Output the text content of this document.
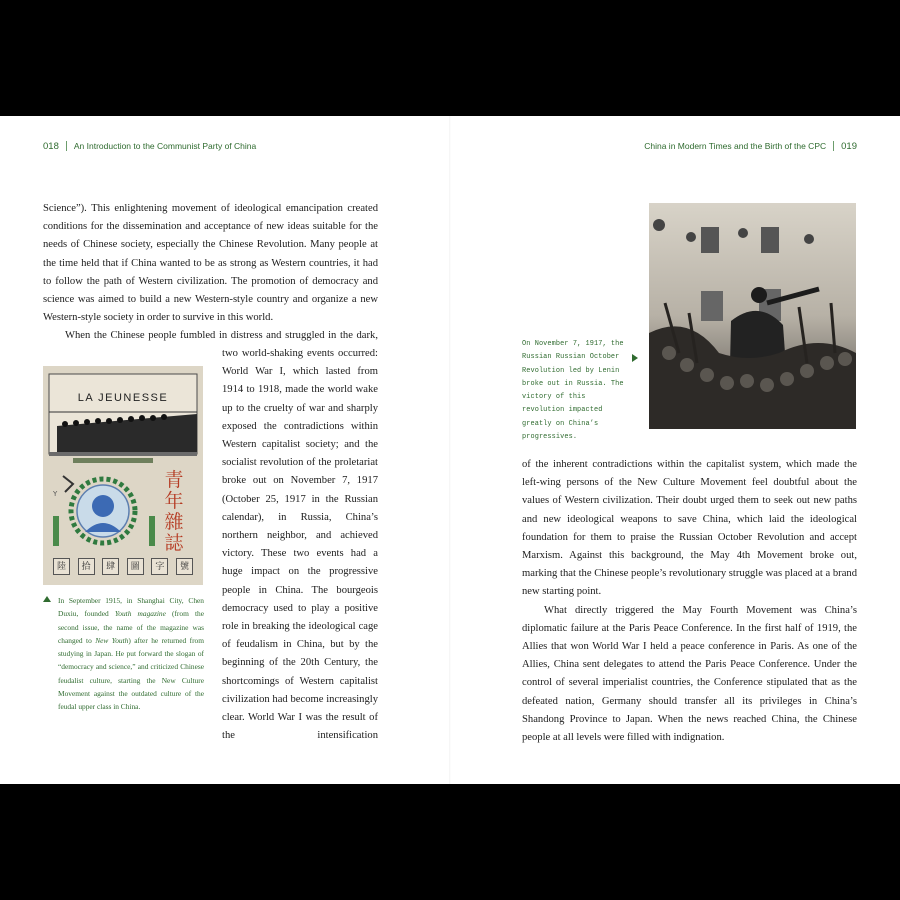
018 An Introduction to the Communist Party of China	China in Modern Times and the Birth of the CPC 019

Science”). This enlightening movement of ideological emancipation created conditions for the dissemination and acceptance of new ideas suitable for the needs of Chinese society, especially the Chinese Revolution. Many people at the time held that if China wanted to be as strong as Western countries, it had to follow the path of Western civilization. The promotion of democracy and science was aimed to build a new Western-style country and organize a new Western-style society in order to survive in this world.

When the Chinese people fumbled in distress and struggled in the dark,

two world-shaking events occurred: World War I, which lasted from 1914 to 1918, made the world wake up to the cruelty of war and sharply exposed the contradictions within Western capitalist society; and the socialist revolution of the proletariat broke out on November 7, 1917 (October 25, 1917 in the Russian calendar), in Russia, China’s northern neighbor, and achieved victory. These two events had a huge impact on the progressive people in China. The bourgeois democracy used to play a positive role in breaking the ideological cage of feudalism in China, but by the beginning of the 20th Century, the shortcomings of Western capitalist civilization had become increasingly clear. World War I was the result of the intensification

Y
LA JEUNESSE
青年雜誌
陸	拾	肆	圖	字	號
In September 1915, in Shanghai City, Chen Duxiu, founded Youth magazine (from the second issue, the name of the magazine was changed to New Youth) after he returned from studying in Japan. He put forward the slogan of “democracy and science,” and criticized Chinese feudalist culture, starting the New Culture Movement against the outdated culture of the feudal upper class in China.
On November 7, 1917, the Russian Russian October Revolution led by Lenin broke out in Russia. The victory of this revolution impacted greatly on China’s progressives.

of the inherent contradictions within the capitalist system, which made the left-wing persons of the New Culture Movement feel doubtful about the values of Western civilization. Their doubt urged them to seek out new paths and new ideological weapons to save China, which laid the ideological foundation for them to praise the Russian October Revolution and accept Marxism. Against this background, the May 4th Movement broke out, marking that the Chinese people’s revolutionary struggle was placed at a brand new starting point.

What directly triggered the May Fourth Movement was China’s diplomatic failure at the Paris Peace Conference. In the first half of 1919, the Allies that won World War I held a peace conference in Paris. As one of the Allies, China sent delegates to attend the Paris Peace Conference. Under the control of several imperialist countries, the Conference stipulated that as the defeated nation, Germany should transfer all its privileges in China’s Shandong Province to Japan. When the news reached China, the Chinese people at all levels were filled with indignation.
